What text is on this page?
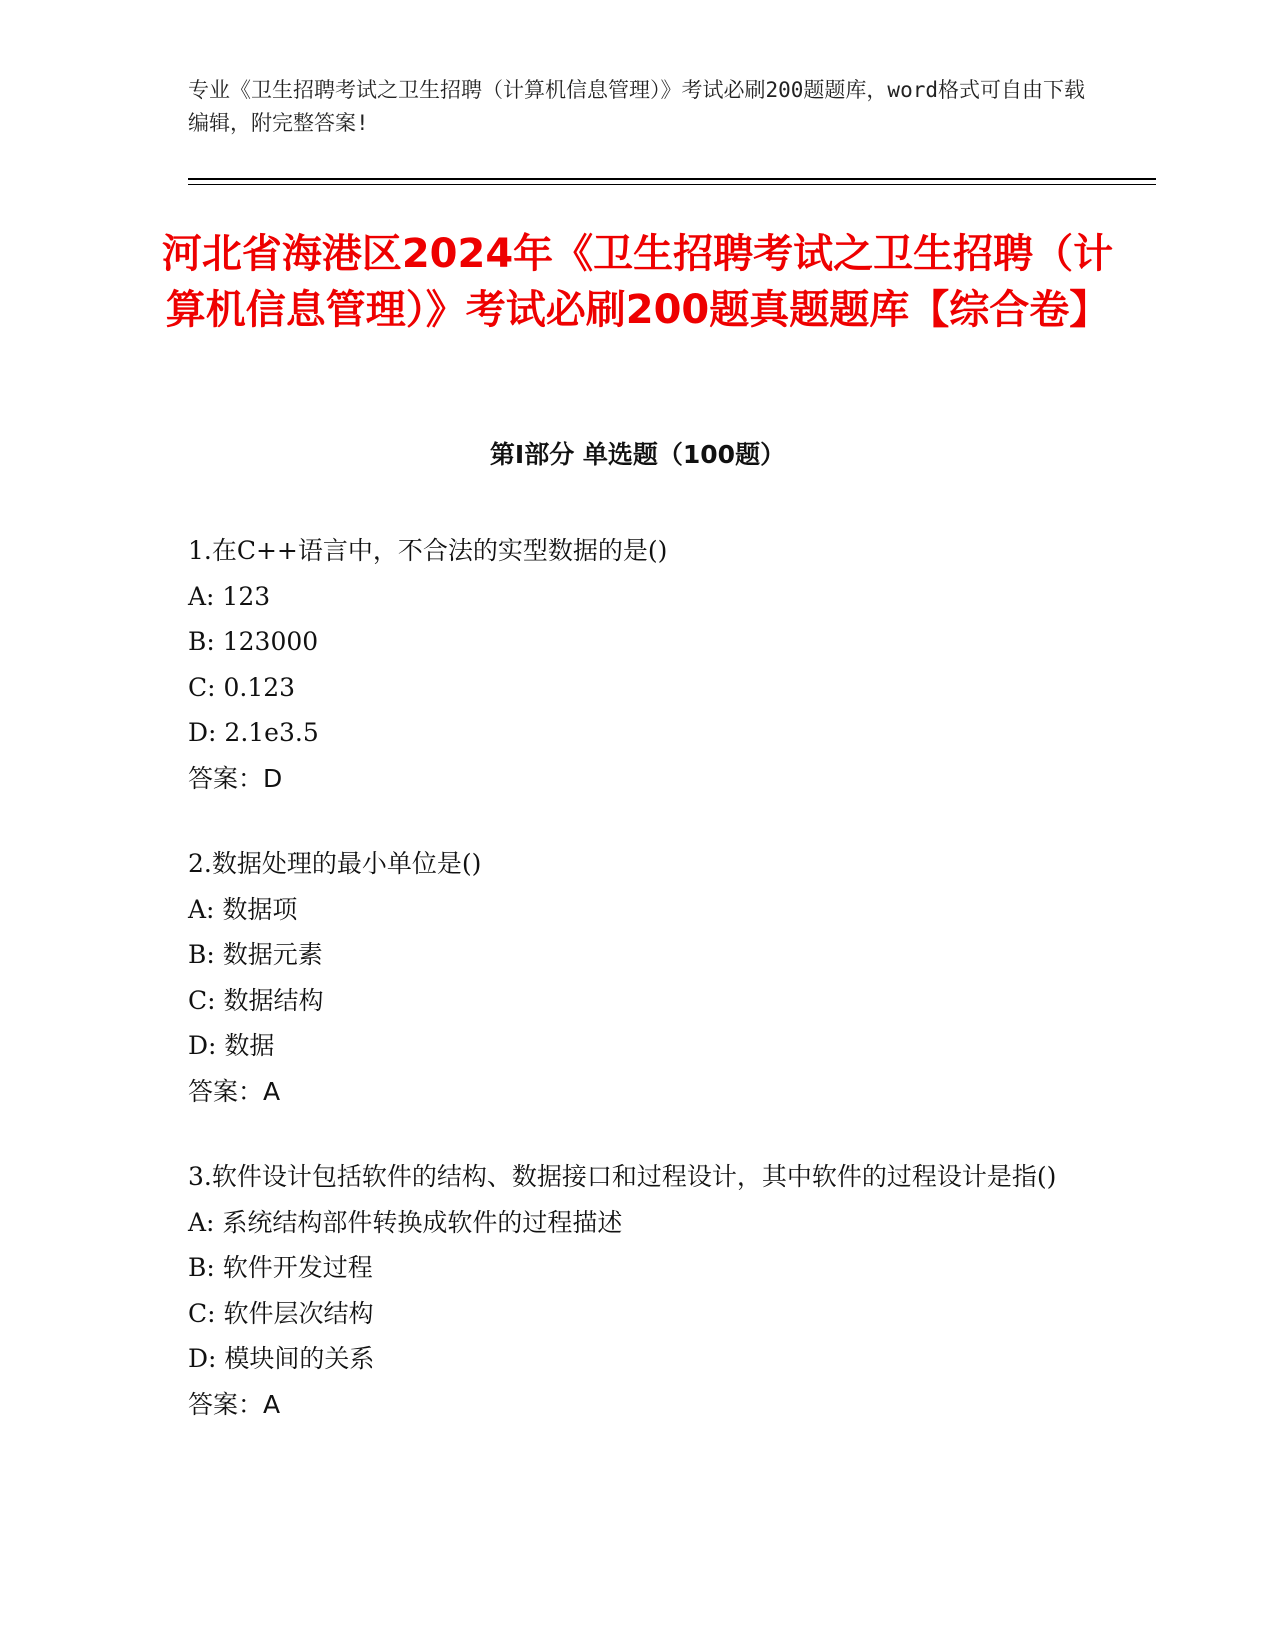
专业《卫生招聘考试之卫生招聘（计算机信息管理）》考试必刷200题题库，word格式可自由下载编辑，附完整答案!
河北省海港区2024年《卫生招聘考试之卫生招聘（计算机信息管理）》考试必刷200题真题题库【综合卷】
第Ⅰ部分 单选题（100题）
1.在C++语言中，不合法的实型数据的是()
A: 123
B: 123000
C: 0.123
D: 2.1e3.5
答案：D
2.数据处理的最小单位是()
A: 数据项
B: 数据元素
C: 数据结构
D: 数据
答案：A
3.软件设计包括软件的结构、数据接口和过程设计，其中软件的过程设计是指()
A: 系统结构部件转换成软件的过程描述
B: 软件开发过程
C: 软件层次结构
D: 模块间的关系
答案：A
